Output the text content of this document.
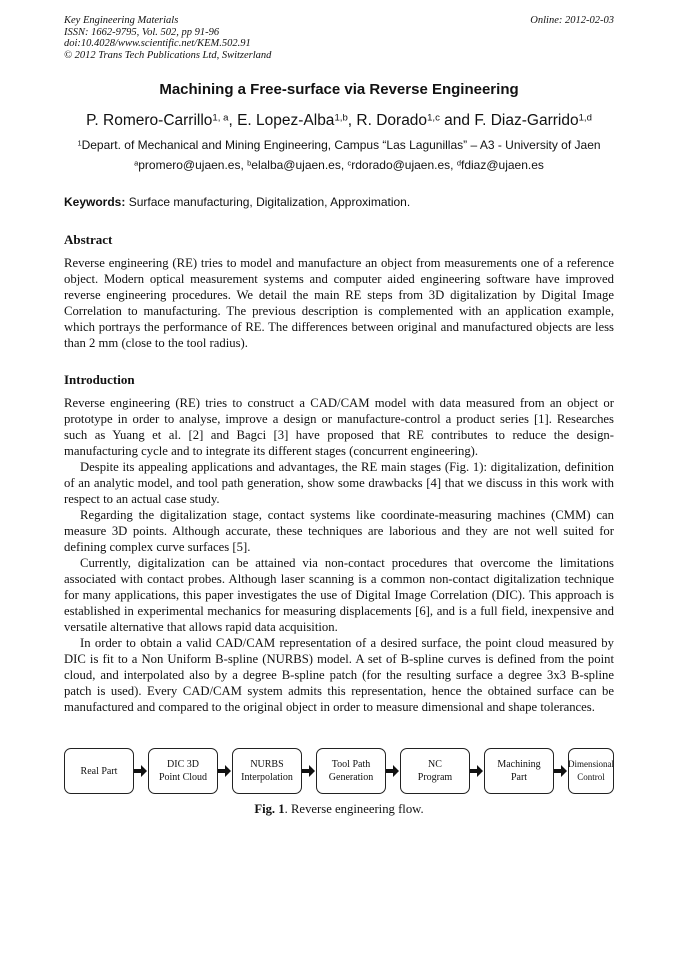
Key Engineering Materials
ISSN: 1662-9795, Vol. 502, pp 91-96
doi:10.4028/www.scientific.net/KEM.502.91
© 2012 Trans Tech Publications Ltd, Switzerland
Online: 2012-02-03
Machining a Free-surface via Reverse Engineering
P. Romero-Carrillo$^{1, a}$, E. Lopez-Alba$^{1,b}$, R. Dorado$^{1,c}$ and F. Diaz-Garrido$^{1,d}$
$^1$Depart. of Mechanical and Mining Engineering, Campus “Las Lagunillas” – A3 - University of Jaen
$^a$promero@ujaen.es, $^b$elalba@ujaen.es, $^c$rdorado@ujaen.es, $^d$fdiaz@ujaen.es
Keywords: Surface manufacturing, Digitalization, Approximation.
Abstract

Reverse engineering (RE) tries to model and manufacture an object from measurements one of a reference object. Modern optical measurement systems and computer aided engineering software have improved reverse engineering procedures. We detail the main RE steps from 3D digitalization by Digital Image Correlation to manufacturing. The previous description is complemented with an application example, which portrays the performance of RE. The differences between original and manufactured objects are less than 2 mm (close to the tool radius).

Introduction

Reverse engineering (RE) tries to construct a CAD/CAM model with data measured from an object or prototype in order to analyse, improve a design or manufacture-control a product series [1]. Researches such as Yuang et al. [2] and Bagci [3] have proposed that RE contributes to reduce the design-manufacturing cycle and to integrate its different stages (concurrent engineering).

Despite its appealing applications and advantages, the RE main stages (Fig. 1): digitalization, definition of an analytic model, and tool path generation, show some drawbacks [4] that we discuss in this work with respect to an actual case study.

Regarding the digitalization stage, contact systems like coordinate-measuring machines (CMM) can measure 3D points. Although accurate, these techniques are laborious and they are not well suited for defining complex curve surfaces [5].

Currently, digitalization can be attained via non-contact procedures that overcome the limitations associated with contact probes. Although laser scanning is a common non-contact digitalization technique for many applications, this paper investigates the use of Digital Image Correlation (DIC). This approach is established in experimental mechanics for measuring displacements [6], and is a full field, inexpensive and versatile alternative that allows rapid data acquisition.

In order to obtain a valid CAD/CAM representation of a desired surface, the point cloud measured by DIC is fit to a Non Uniform B-spline (NURBS) model. A set of B-spline curves is defined from the point cloud, and interpolated also by a degree B-spline patch (for the resulting surface a degree 3x3 B-spline patch is used). Every CAD/CAM system admits this representation, hence the obtained surface can be manufactured and compared to the original object in order to measure dimensional and shape tolerances.

Real Part
DIC 3D
Point Cloud
NURBS
Interpolation
Tool Path
Generation
NC
Program
Machining
Part
Dimensional
Control
Fig. 1. Reverse engineering flow.
